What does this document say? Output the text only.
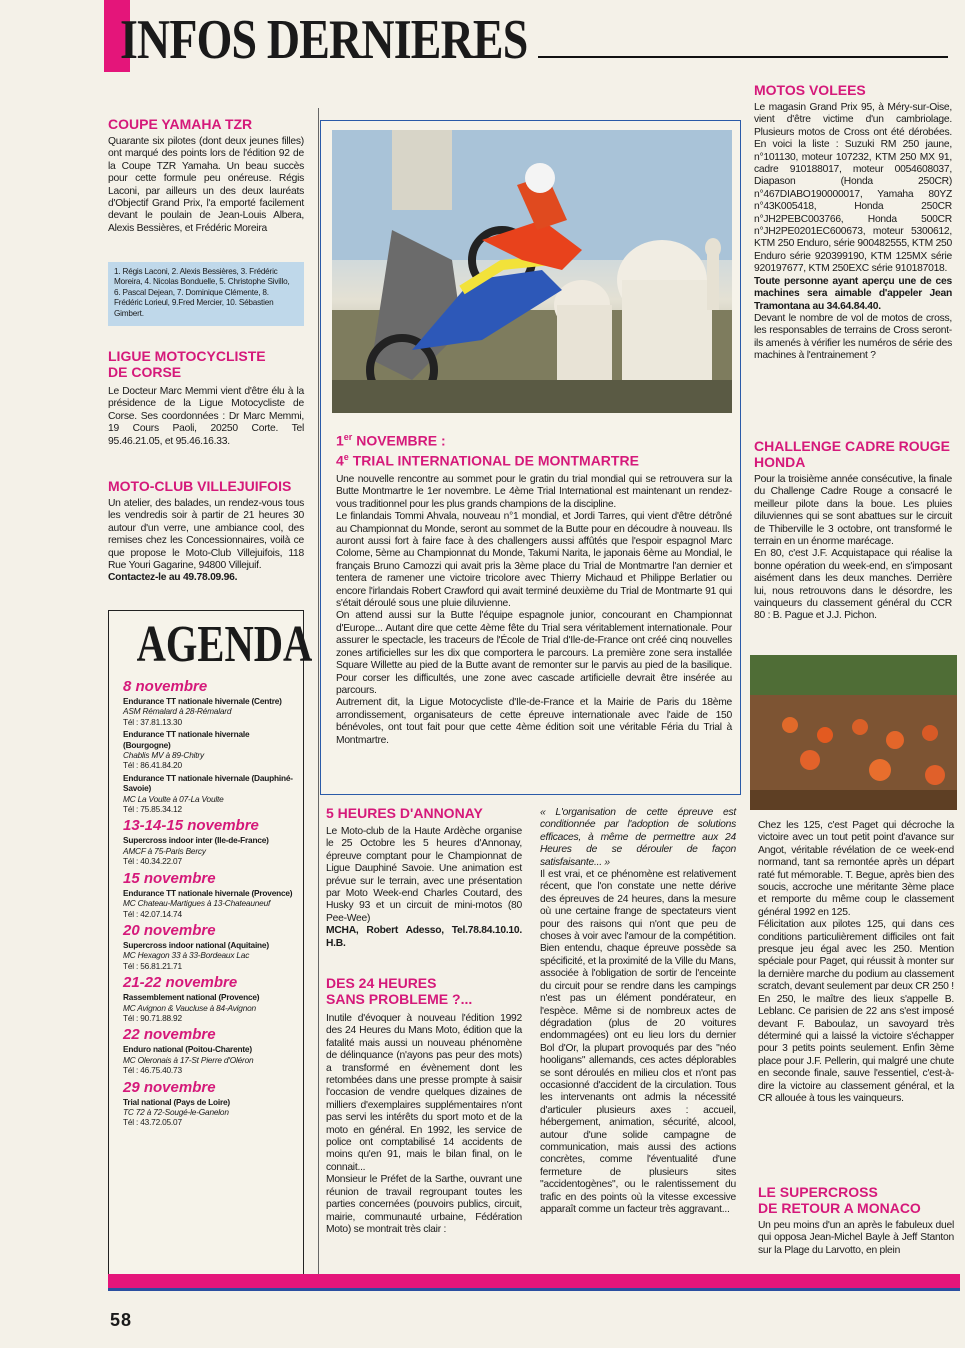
INFOS DERNIERES
COUPE YAMAHA TZR

Quarante six pilotes (dont deux jeunes filles) ont marqué des points lors de l'édition 92 de la Coupe TZR Yamaha. Un beau succès pour cette formule peu onéreuse. Régis Laconi, par ailleurs un des deux lauréats d'Objectif Grand Prix, l'a emporté facilement devant le poulain de Jean-Louis Albera, Alexis Bessières, et Frédéric Moreira

1. Régis Laconi, 2. Alexis Bessières, 3. Frédéric Moreira, 4. Nicolas Bonduelle, 5. Christophe Sivillo, 6. Pascal Dejean, 7. Dominique Clémente, 8. Frédéric Lorieul, 9.Fred Mercier, 10. Sébastien Gimbert.
LIGUE MOTOCYCLISTE
DE CORSE

Le Docteur Marc Memmi vient d'être élu à la présidence de la Ligue Motocycliste de Corse. Ses coordonnées : Dr Marc Memmi, 19 Cours Paoli, 20250 Corte. Tel 95.46.21.05, et 95.46.16.33.

MOTO-CLUB VILLEJUIFOIS

Un atelier, des balades, un rendez-vous tous les vendredis soir à partir de 21 heures 30 autour d'un verre, une ambiance cool, des remises chez les Concessionnaires, voilà ce que propose le Moto-Club Villejuifois, 118 Rue Youri Gagarine, 94800 Villejuif.

Contactez-le au 49.78.09.96.

AGENDA
8 novembre
Endurance TT nationale hivernale (Centre)
ASM Rémalard à 28-Rémalard
Tél : 37.81.13.30
Endurance TT nationale hivernale (Bourgogne)
Chablis MV à 89-Chitry
Tél : 86.41.84.20
Endurance TT nationale hivernale (Dauphiné-Savoie)
MC La Voulte à 07-La Voulte
Tél : 75.85.34.12
13-14-15 novembre
Supercross indoor inter (Ile-de-France)
AMCF à 75-Paris Bercy
Tél : 40.34.22.07
15 novembre
Endurance TT nationale hivernale (Provence)
MC Chateau-Martigues à 13-Chateauneuf
Tél : 42.07.14.74
20 novembre
Supercross indoor national (Aquitaine)
MC Hexagon 33 à 33-Bordeaux Lac
Tél : 56.81.21.71
21-22 novembre
Rassemblement national (Provence)
MC Avignon & Vaucluse à 84-Avignon
Tél : 90.71.88.92
22 novembre
Enduro national (Poitou-Charente)
MC Oleronais à 17-St Pierre d'Oléron
Tél : 46.75.40.73
29 novembre
Trial national (Pays de Loire)
TC 72 à 72-Sougé-le-Ganelon
Tél : 43.72.05.07
1er NOVEMBRE :
4e TRIAL INTERNATIONAL DE MONTMARTRE

Une nouvelle rencontre au sommet pour le gratin du trial mondial qui se retrouvera sur la Butte Montmartre le 1er novembre. Le 4ème Trial International est maintenant un rendez-vous traditionnel pour les plus grands champions de la discipline.

Le finlandais Tommi Ahvala, nouveau n°1 mondial, et Jordi Tarres, qui vient d'être détrôné au Championnat du Monde, seront au sommet de la Butte pour en découdre à nouveau. Ils auront aussi fort à faire face à des challengers aussi affûtés que l'espoir espagnol Marc Colome, 5ème au Championnat du Monde, Takumi Narita, le japonais 6ème au Mondial, le français Bruno Camozzi qui avait pris la 3ème place du Trial de Montmartre l'an dernier et tentera de ramener une victoire tricolore avec Thierry Michaud et Philippe Berlatier ou encore l'irlandais Robert Crawford qui avait terminé deuxième du Trial de Montmarte 91 qui s'était déroulé sous une pluie diluvienne.

On attend aussi sur la Butte l'équipe espagnole junior, concourant en Championnat d'Europe... Autant dire que cette 4ème fête du Trial sera véritablement internationale. Pour assurer le spectacle, les traceurs de l'École de Trial d'Ile-de-France ont créé cinq nouvelles zones artificielles sur les dix que comportera le parcours. La première zone sera installée Square Willette au pied de la Butte avant de remonter sur le parvis au pied de la basilique. Pour corser les difficultés, une zone avec cascade artificielle devrait être insérée au parcours.

Autrement dit, la Ligue Motocycliste d'Ile-de-France et la Mairie de Paris du 18ème arrondissement, organisateurs de cette épreuve internationale avec l'aide de 150 bénévoles, ont tout fait pour que cette 4ème édition soit une véritable Féria du Trial à Montmartre.

5 HEURES D'ANNONAY

Le Moto-club de la Haute Ardèche organise le 25 Octobre les 5 heures d'Annonay, épreuve comptant pour le Championnat de Ligue Dauphiné Savoie. Une animation est prévue sur le terrain, avec une présentation par Moto Week-end Charles Coutard, des Husky 93 et un circuit de mini-motos (80 Pee-Wee)

MCHA, Robert Adesso, Tel.78.84.10.10. H.B.

DES 24 HEURES
SANS PROBLEME ?...

Inutile d'évoquer à nouveau l'édition 1992 des 24 Heures du Mans Moto, édition que la fatalité mais aussi un nouveau phénomène de délinquance (n'ayons pas peur des mots) a transformé en évènement dont les retombées dans une presse prompte à saisir l'occasion de vendre quelques dizaines de milliers d'exemplaires supplémentaires n'ont pas servi les intérêts du sport moto et de la moto en général. En 1992, les service de police ont comptabilisé 14 accidents de moins qu'en 91, mais le bilan final, on le connait...

Monsieur le Préfet de la Sarthe, ouvrant une réunion de travail regroupant toutes les parties concernées (pouvoirs publics, circuit, mairie, communauté urbaine, Fédération Moto) se montrait très clair :

« L'organisation de cette épreuve est conditionnée par l'adoption de solutions efficaces, à même de permettre aux 24 Heures de se dérouler de façon satisfaisante... »

Il est vrai, et ce phénomène est relativement récent, que l'on constate une nette dérive des épreuves de 24 heures, dans la mesure où une certaine frange de spectateurs vient pour des raisons qui n'ont que peu de choses à voir avec l'amour de la compétition. Bien entendu, chaque épreuve possède sa spécificité, et la proximité de la Ville du Mans, associée à l'obligation de sortir de l'enceinte du circuit pour se rendre dans les campings n'est pas un élément pondérateur, en l'espèce. Même si de nombreux actes de dégradation (plus de 20 voitures endommagées) ont eu lieu lors du dernier Bol d'Or, la plupart provoqués par des "néo hooligans" allemands, ces actes déplorables se sont déroulés en milieu clos et n'ont pas occasionné d'accident de la circulation. Tous les intervenants ont admis la nécessité d'articuler plusieurs axes : accueil, hébergement, animation, sécurité, alcool, autour d'une solide campagne de communication, mais aussi des actions concrètes, comme l'éventualité d'une fermeture de plusieurs sites "accidentogènes", ou le ralentissement du trafic en des points où la vitesse excessive apparaît comme un facteur très aggravant...

MOTOS VOLEES

Le magasin Grand Prix 95, à Méry-sur-Oise, vient d'être victime d'un cambriolage. Plusieurs motos de Cross ont été dérobées. En voici la liste : Suzuki RM 250 jaune, n°101130, moteur 107232, KTM 250 MX 91, cadre 910188017, moteur 0054608037, Diapason (Honda 250CR) n°467DIABO190000017, Yamaha 80YZ n°43K005418, Honda 250CR n°JH2PEBC003766, Honda 500CR n°JH2PE0201EC600673, moteur 5300612, KTM 250 Enduro, série 900482555, KTM 250 Enduro série 920399190, KTM 125MX série 920197677, KTM 250EXC série 910187018.

Toute personne ayant aperçu une de ces machines sera aimable d'appeler Jean Tramontana au 34.64.84.40.

Devant le nombre de vol de motos de cross, les responsables de terrains de Cross seront-ils amenés à vérifier les numéros de série des machines à l'entrainement ?

CHALLENGE CADRE ROUGE
HONDA

Pour la troisième année consécutive, la finale du Challenge Cadre Rouge a consacré le meilleur pilote dans la boue. Les pluies diluviennes qui se sont abattues sur le circuit de Thiberville le 3 octobre, ont transformé le terrain en un énorme marécage.

En 80, c'est J.F. Acquistapace qui réalise la bonne opération du week-end, en s'imposant aisément dans les deux manches. Derrière lui, nous retrouvons dans le désordre, les vainqueurs du classement général du CCR 80 : B. Pague et J.J. Pichon.

Chez les 125, c'est Paget qui décroche la victoire avec un tout petit point d'avance sur Angot, véritable révélation de ce week-end normand, tant sa remontée après un départ raté fut mémorable. T. Begue, après bien des soucis, accroche une méritante 3ème place et remporte du même coup le classement général 1992 en 125.

Félicitation aux pilotes 125, qui dans ces conditions particulièrement difficiles ont fait presque jeu égal avec les 250. Mention spéciale pour Paget, qui réussit à monter sur la dernière marche du podium au classement scratch, devant seulement par deux CR 250 !

En 250, le maître des lieux s'appelle B. Leblanc. Ce parisien de 22 ans s'est imposé devant F. Baboulaz, un savoyard très déterminé qui a laissé la victoire s'échapper pour 3 petits points seulement. Enfin 3ème place pour J.F. Pellerin, qui malgré une chute en seconde finale, sauve l'essentiel, c'est-à-dire la victoire au classement général, et la CR allouée à tous les vainqueurs.

LE SUPERCROSS
DE RETOUR A MONACO

Un peu moins d'un an après le fabuleux duel qui opposa Jean-Michel Bayle à Jeff Stanton sur la Plage du Larvotto, en plein

58
